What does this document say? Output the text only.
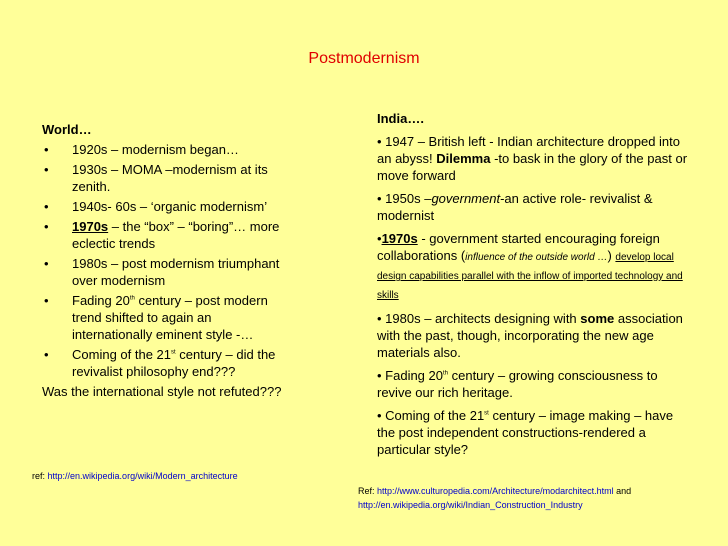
Postmodernism
World…
• 1920s – modernism began…
• 1930s – MOMA –modernism at its zenith.
• 1940s- 60s – ‘organic modernism’
• 1970s – the “box” – “boring”… more eclectic trends
• 1980s – post modernism triumphant over modernism
• Fading 20th century – post modern trend shifted to again an internationally eminent style -…
• Coming of the 21st century – did the revivalist philosophy end???
Was the international style not refuted???
India….
• 1947 – British left - Indian architecture dropped into an abyss! Dilemma -to bask in the glory of the past or move forward
• 1950s –government-an active role- revivalist & modernist
•1970s - government started encouraging foreign collaborations (influence of the outside world …) develop local design capabilities parallel with the inflow of imported technology and skills
• 1980s – architects designing with some association with the past, though, incorporating the new age materials also.
• Fading 20th century – growing consciousness to revive our rich heritage.
• Coming of the 21st century – image making – have the post independent constructions-rendered a particular style?
ref: http://en.wikipedia.org/wiki/Modern_architecture
Ref: http://www.culturopedia.com/Architecture/modarchitect.html and
http://en.wikipedia.org/wiki/Indian_Construction_Industry
